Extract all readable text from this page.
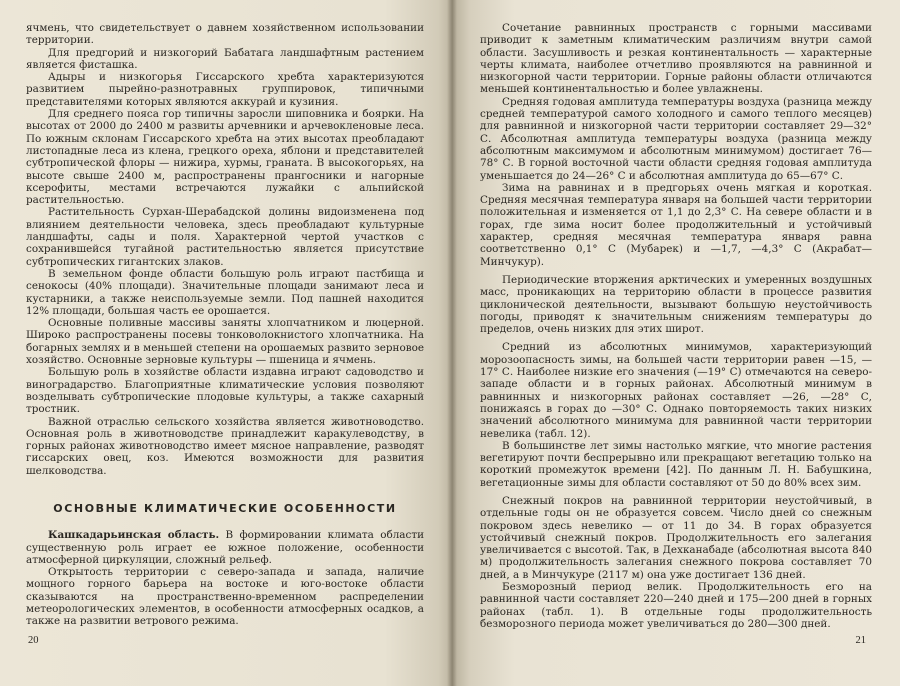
ячмень, что свидетельствует о давнем хозяйственном использовании территории.

Для предгорий и низкогорий Бабатага ландшафтным растением является фисташка.

Адыры и низкогорья Гиссарского хребта характеризуются развитием пырейно-разнотравных группировок, типичными представителями которых являются аккурай и кузиния.

Для среднего пояса гор типичны заросли шиповника и боярки. На высотах от 2000 до 2400 м развиты арчевники и арчевокленовые леса. По южным склонам Гиссарского хребта на этих высотах преобладают листопадные леса из клена, грецкого ореха, яблони и представителей субтропической флоры — нижира, хурмы, граната. В высокогорьях, на высоте свыше 2400 м, распространены прангосники и нагорные ксерофиты, местами встречаются лужайки с альпийской растительностью.

Растительность Сурхан-Шерабадской долины видоизменена под влиянием деятельности человека, здесь преобладают культурные ландшафты, сады и поля. Характерной чертой участков с сохранившейся тугайной растительностью является присутствие субтропических гигантских злаков.

В земельном фонде области большую роль играют пастбища и сенокосы (40% площади). Значительные площади занимают леса и кустарники, а также неиспользуемые земли. Под пашней находится 12% площади, большая часть ее орошается.

Основные поливные массивы заняты хлопчатником и люцерной. Широко распространены посевы тонковолокнистого хлопчатника. На богарных землях и в меньшей степени на орошаемых развито зерновое хозяйство. Основные зерновые культуры — пшеница и ячмень.

Большую роль в хозяйстве области издавна играют садоводство и виноградарство. Благоприятные климатические условия позволяют возделывать субтропические плодовые культуры, а также сахарный тростник.

Важной отраслью сельского хозяйства является животноводство. Основная роль в животноводстве принадлежит каракулеводству, в горных районах животноводство имеет мясное направление, разводят гиссарских овец, коз. Имеются возможности для развития шелководства.

ОСНОВНЫЕ КЛИМАТИЧЕСКИЕ ОСОБЕННОСТИ

Кашкадарьинская область. В формировании климата области существенную роль играет ее южное положение, особенности атмосферной циркуляции, сложный рельеф.

Открытость территории с северо-запада и запада, наличие мощного горного барьера на востоке и юго-востоке области сказываются на пространственно-временном распределении метеорологических элементов, в особенности атмосферных осадков, а также на развитии ветрового режима.

20

Сочетание равнинных пространств с горными массивами приводит к заметным климатическим различиям внутри самой области. Засушливость и резкая континентальность — характерные черты климата, наиболее отчетливо проявляются на равнинной и низкогорной части территории. Горные районы области отличаются меньшей континентальностью и более увлажнены.

Средняя годовая амплитуда температуры воздуха (разница между средней температурой самого холодного и самого теплого месяцев) для равнинной и низкогорной части территории составляет 29—32° С. Абсолютная амплитуда температуры воздуха (разница между абсолютным максимумом и абсолютным минимумом) достигает 76—78° С. В горной восточной части области средняя годовая амплитуда уменьшается до 24—26° С и абсолютная амплитуда до 65—67° С.

Зима на равнинах и в предгорьях очень мягкая и короткая. Средняя месячная температура января на большей части территории положительная и изменяется от 1,1 до 2,3° С. На севере области и в горах, где зима носит более продолжительный и устойчивый характер, средняя месячная температура января равна соответственно 0,1° С (Мубарек) и —1,7, —4,3° С (Акрабат—Минчукур).

Периодические вторжения арктических и умеренных воздушных масс, проникающих на территорию области в процессе развития циклонической деятельности, вызывают большую неустойчивость погоды, приводят к значительным снижениям температуры до пределов, очень низких для этих широт.

Средний из абсолютных минимумов, характеризующий морозоопасность зимы, на большей части территории равен —15, —17° С. Наиболее низкие его значения (—19° С) отмечаются на северо-западе области и в горных районах. Абсолютный минимум в равнинных и низкогорных районах составляет —26, —28° С, понижаясь в горах до —30° С. Однако повторяемость таких низких значений абсолютного минимума для равнинной части территории невелика (табл. 12).

В большинстве лет зимы настолько мягкие, что многие растения вегетируют почти беспрерывно или прекращают вегетацию только на короткий промежуток времени [42]. По данным Л. Н. Бабушкина, вегетационные зимы для области составляют от 50 до 80% всех зим.

Снежный покров на равнинной территории неустойчивый, в отдельные годы он не образуется совсем. Число дней со снежным покровом здесь невелико — от 11 до 34. В горах образуется устойчивый снежный покров. Продолжительность его залегания увеличивается с высотой. Так, в Дехканабаде (абсолютная высота 840 м) продолжительность залегания снежного покрова составляет 70 дней, а в Минчукуре (2117 м) она уже достигает 136 дней.

Безморозный период велик. Продолжительность его на равнинной части составляет 220—240 дней и 175—200 дней в горных районах (табл. 1). В отдельные годы продолжительность безморозного периода может увеличиваться до 280—300 дней.

21
